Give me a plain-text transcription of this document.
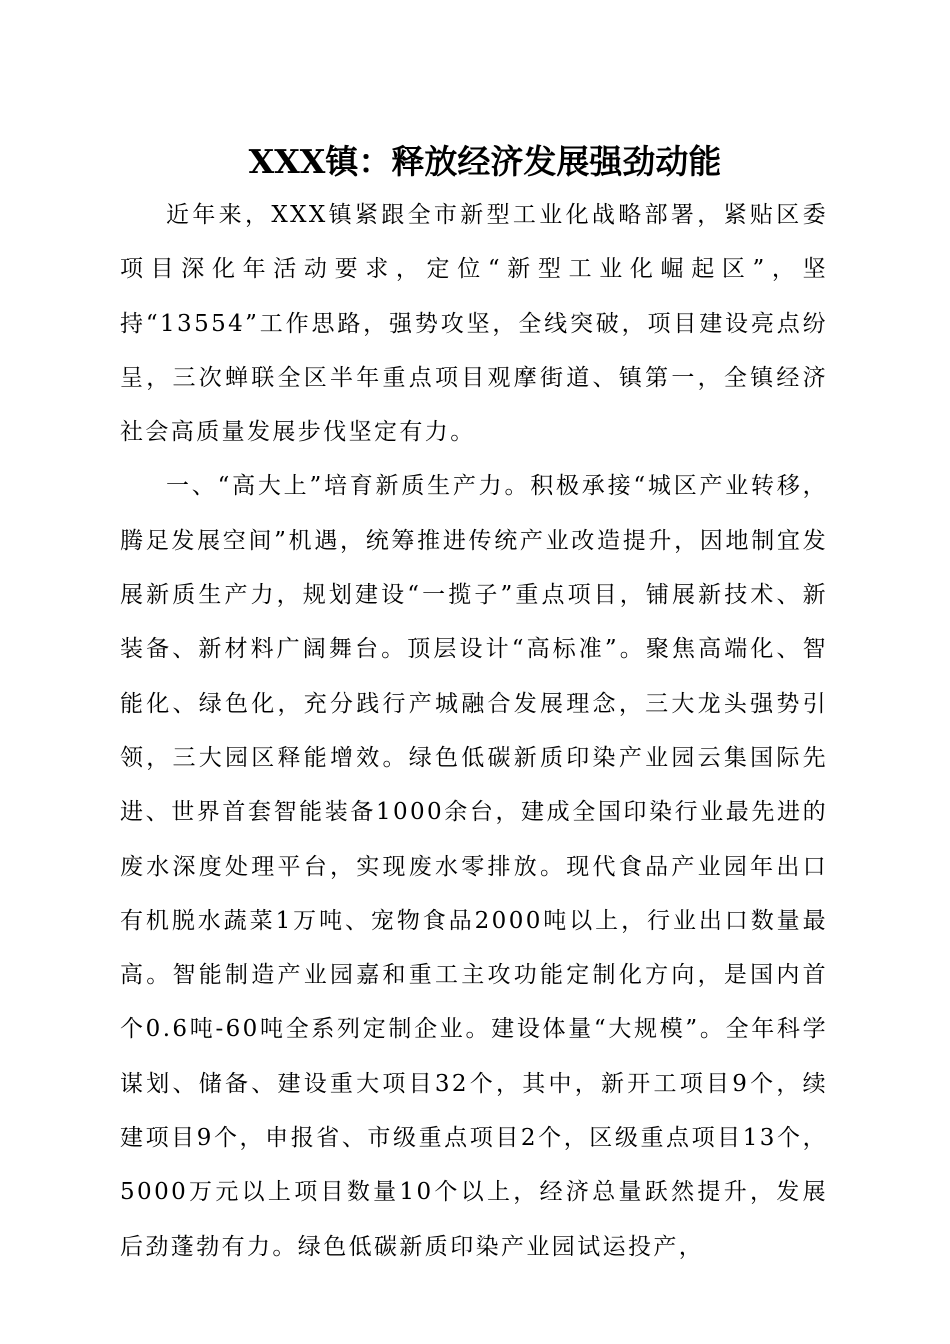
XXX镇：释放经济发展强劲动能

近年来，XXX镇紧跟全市新型工业化战略部署，紧贴区委项目深化年活动要求，定位“新型工业化崛起区”，坚持“13554”工作思路，强势攻坚，全线突破，项目建设亮点纷呈，三次蝉联全区半年重点项目观摩街道、镇第一，全镇经济社会高质量发展步伐坚定有力。

一、“高大上”培育新质生产力。积极承接“城区产业转移，腾足发展空间”机遇，统筹推进传统产业改造提升，因地制宜发展新质生产力，规划建设“一揽子”重点项目，铺展新技术、新装备、新材料广阔舞台。顶层设计“高标准”。聚焦高端化、智能化、绿色化，充分践行产城融合发展理念，三大龙头强势引领，三大园区释能增效。绿色低碳新质印染产业园云集国际先进、世界首套智能装备1000余台，建成全国印染行业最先进的废水深度处理平台，实现废水零排放。现代食品产业园年出口有机脱水蔬菜1万吨、宠物食品2000吨以上，行业出口数量最高。智能制造产业园嘉和重工主攻功能定制化方向，是国内首个0.6吨-60吨全系列定制企业。建设体量“大规模”。全年科学谋划、储备、建设重大项目32个，其中，新开工项目9个，续建项目9个，申报省、市级重点项目2个，区级重点项目13个，5000万元以上项目数量10个以上，经济总量跃然提升，发展后劲蓬勃有力。绿色低碳新质印染产业园试运投产，
